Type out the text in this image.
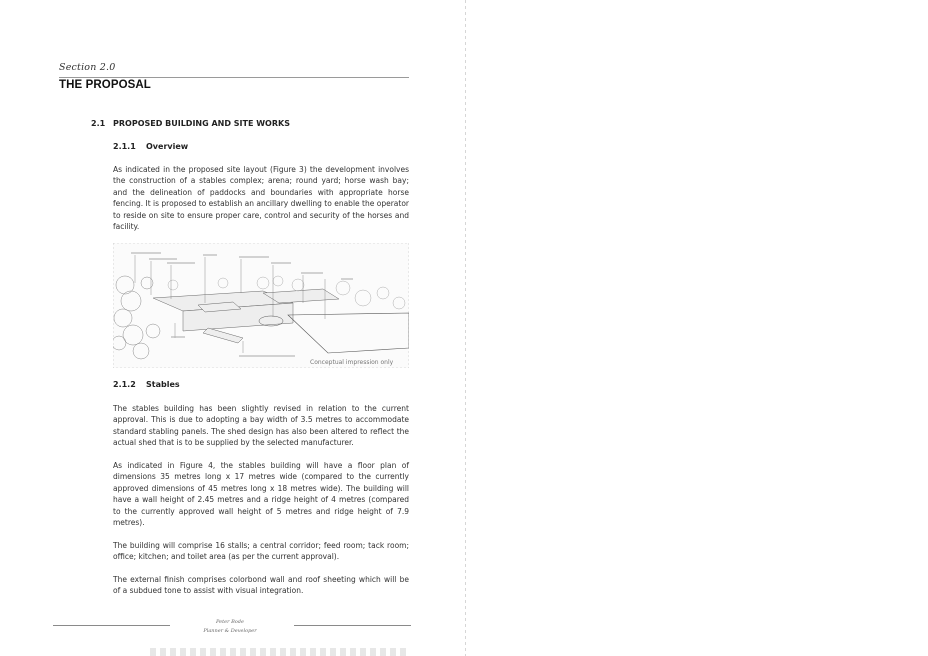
Section 2.0
THE PROPOSAL
2.1 PROPOSED BUILDING AND SITE WORKS
2.1.1 Overview

As indicated in the proposed site layout (Figure 3) the development involves the construction of a stables complex; arena; round yard; horse wash bay; and the delineation of paddocks and boundaries with appropriate horse fencing. It is proposed to establish an ancillary dwelling to enable the operator to reside on site to ensure proper care, control and security of the horses and facility.

Conceptual impression only
2.1.2 Stables

The stables building has been slightly revised in relation to the current approval. This is due to adopting a bay width of 3.5 metres to accommodate standard stabling panels. The shed design has also been altered to reflect the actual shed that is to be supplied by the selected manufacturer.

As indicated in Figure 4, the stables building will have a floor plan of dimensions 35 metres long x 17 metres wide (compared to the currently approved dimensions of 45 metres long x 18 metres wide). The building will have a wall height of 2.45 metres and a ridge height of 4 metres (compared to the currently approved wall height of 5 metres and ridge height of 7.9 metres).

The building will comprise 16 stalls; a central corridor; feed room; tack room; office; kitchen; and toilet area (as per the current approval).

The external finish comprises colorbond wall and roof sheeting which will be of a subdued tone to assist with visual integration.

Peter Bode
Planner & Developer
